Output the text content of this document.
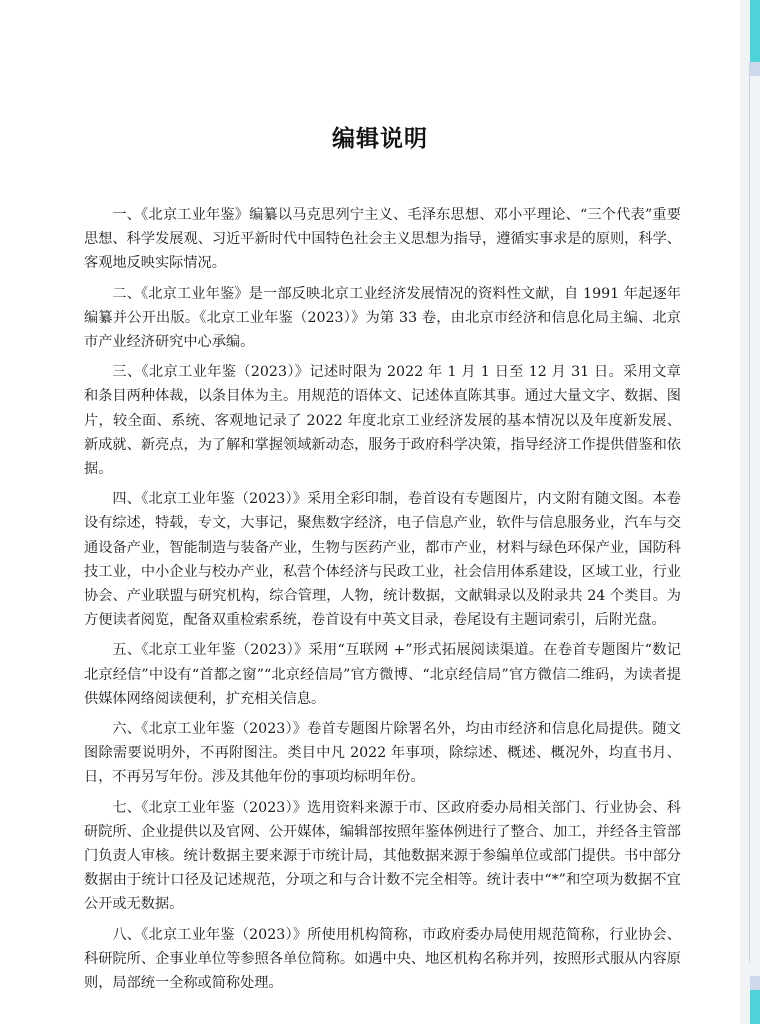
编辑说明

一、《北京工业年鉴》编纂以马克思列宁主义、毛泽东思想、邓小平理论、“三个代表”重要思想、科学发展观、习近平新时代中国特色社会主义思想为指导，遵循实事求是的原则，科学、客观地反映实际情况。

二、《北京工业年鉴》是一部反映北京工业经济发展情况的资料性文献，自 1991 年起逐年编纂并公开出版。《北京工业年鉴（2023）》为第 33 卷，由北京市经济和信息化局主编、北京市产业经济研究中心承编。

三、《北京工业年鉴（2023）》记述时限为 2022 年 1 月 1 日至 12 月 31 日。采用文章和条目两种体裁，以条目体为主。用规范的语体文、记述体直陈其事。通过大量文字、数据、图片，较全面、系统、客观地记录了 2022 年度北京工业经济发展的基本情况以及年度新发展、新成就、新亮点，为了解和掌握领域新动态，服务于政府科学决策，指导经济工作提供借鉴和依据。

四、《北京工业年鉴（2023）》采用全彩印制，卷首设有专题图片，内文附有随文图。本卷设有综述，特载，专文，大事记，聚焦数字经济，电子信息产业，软件与信息服务业，汽车与交通设备产业，智能制造与装备产业，生物与医药产业，都市产业，材料与绿色环保产业，国防科技工业，中小企业与校办产业，私营个体经济与民政工业，社会信用体系建设，区域工业，行业协会、产业联盟与研究机构，综合管理，人物，统计数据，文献辑录以及附录共 24 个类目。为方便读者阅览，配备双重检索系统，卷首设有中英文目录，卷尾设有主题词索引，后附光盘。

五、《北京工业年鉴（2023）》采用“互联网 +”形式拓展阅读渠道。在卷首专题图片“数记北京经信”中设有“首都之窗”“北京经信局”官方微博、“北京经信局”官方微信二维码，为读者提供媒体网络阅读便利，扩充相关信息。

六、《北京工业年鉴（2023）》卷首专题图片除署名外，均由市经济和信息化局提供。随文图除需要说明外，不再附图注。类目中凡 2022 年事项，除综述、概述、概况外，均直书月、日，不再另写年份。涉及其他年份的事项均标明年份。

七、《北京工业年鉴（2023）》选用资料来源于市、区政府委办局相关部门、行业协会、科研院所、企业提供以及官网、公开媒体，编辑部按照年鉴体例进行了整合、加工，并经各主管部门负责人审核。统计数据主要来源于市统计局，其他数据来源于参编单位或部门提供。书中部分数据由于统计口径及记述规范，分项之和与合计数不完全相等。统计表中“*”和空项为数据不宜公开或无数据。

八、《北京工业年鉴（2023）》所使用机构简称，市政府委办局使用规范简称，行业协会、科研院所、企事业单位等参照各单位简称。如遇中央、地区机构名称并列，按照形式服从内容原则，局部统一全称或简称处理。
